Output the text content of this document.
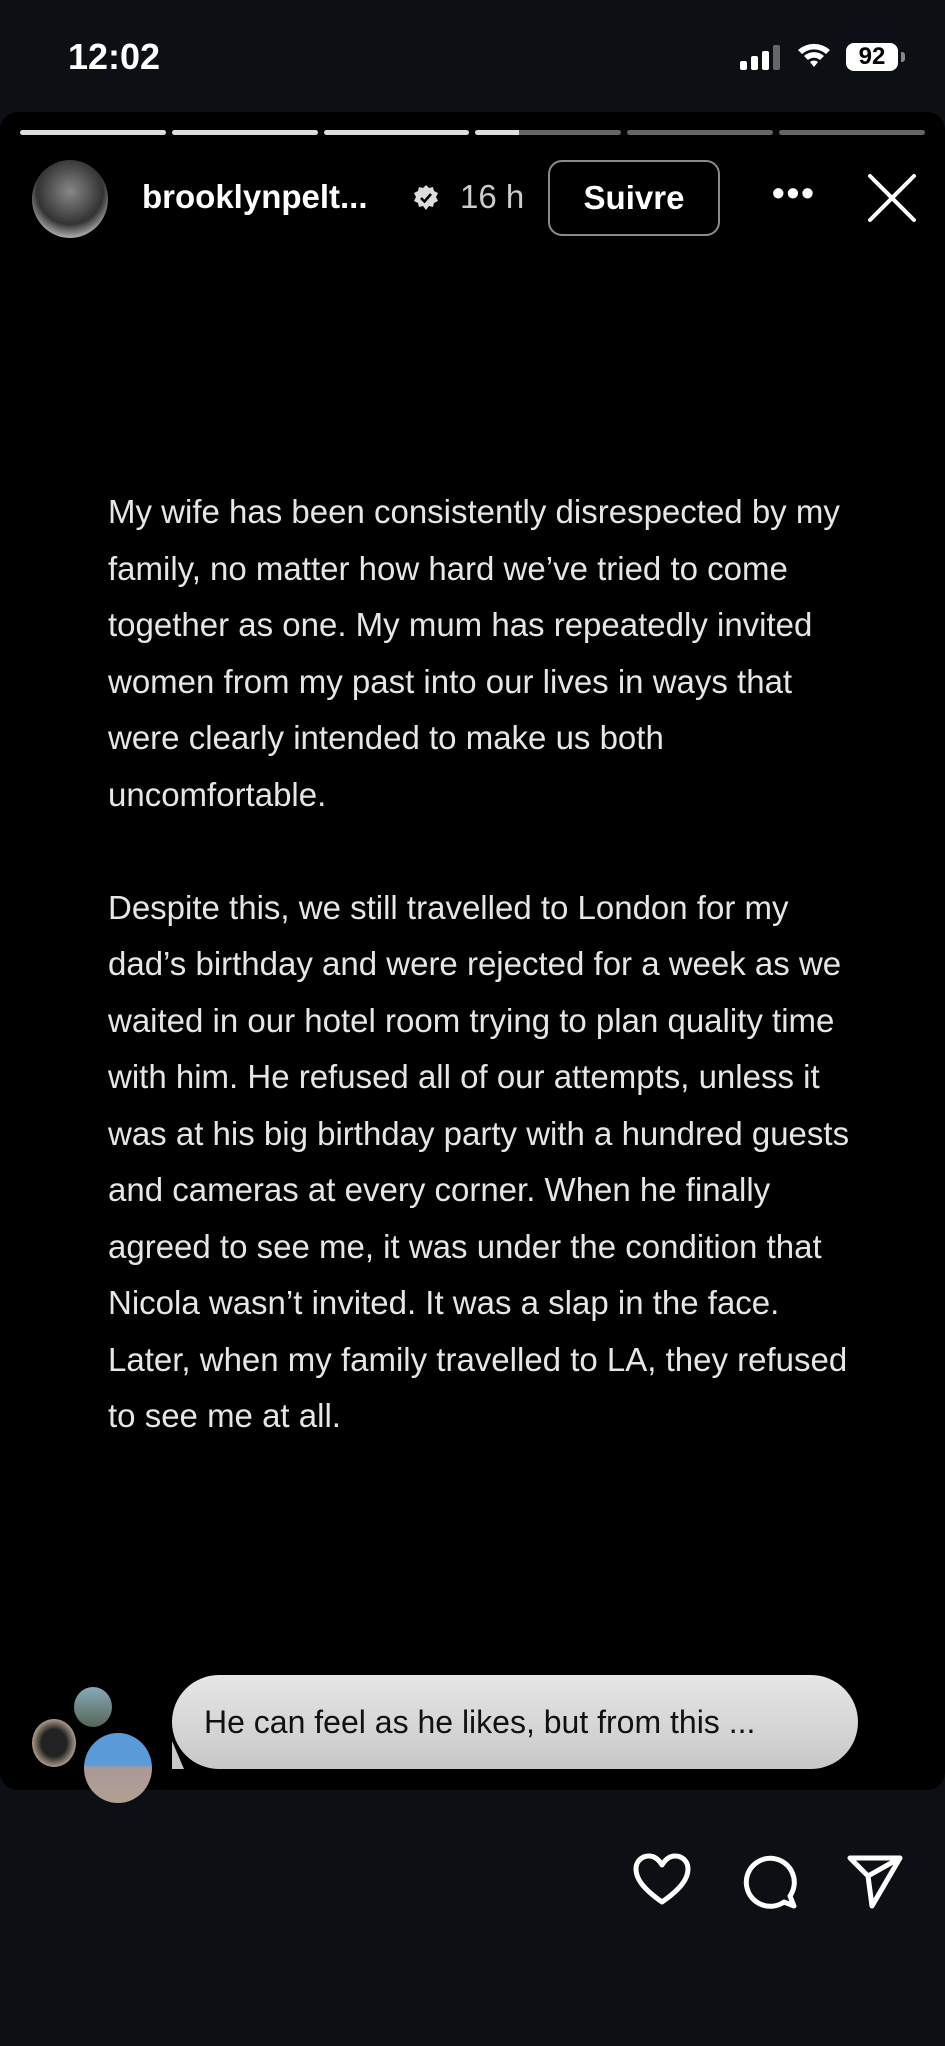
12:02	92
brooklynpelt...	16 h	Suivre	•••

My wife has been consistently disrespected by my family, no matter how hard we’ve tried to come together as one. My mum has repeatedly invited women from my past into our lives in ways that were clearly intended to make us both uncomfortable.

Despite this, we still travelled to London for my dad’s birthday and were rejected for a week as we waited in our hotel room trying to plan quality time with him. He refused all of our attempts, unless it was at his big birthday party with a hundred guests and cameras at every corner. When he finally agreed to see me, it was under the condition that Nicola wasn’t invited. It was a slap in the face. Later, when my family travelled to LA, they refused to see me at all.

He can feel as he likes, but from this ...
